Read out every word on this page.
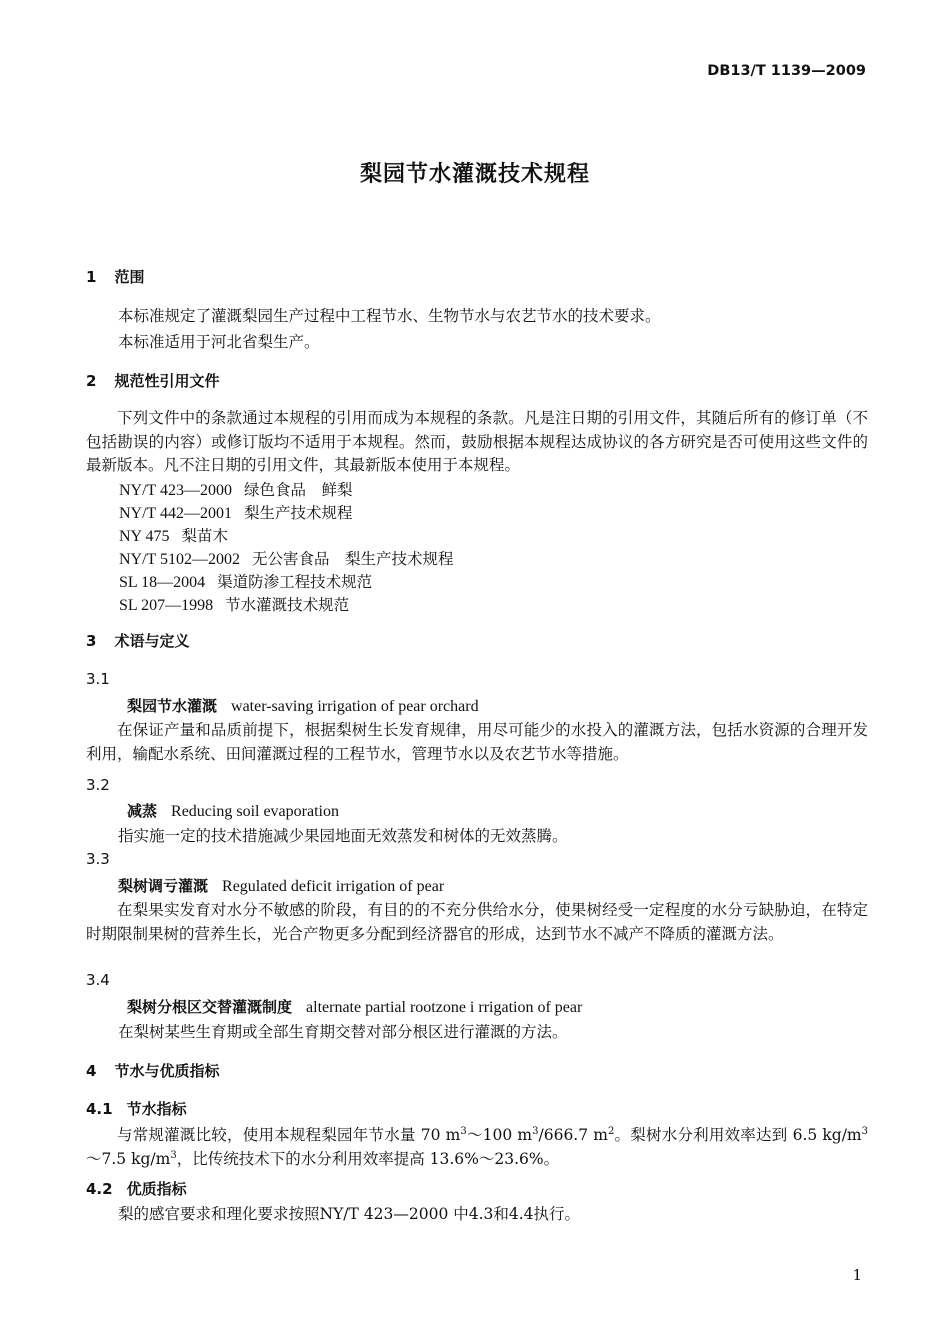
DB13/T 1139—2009
梨园节水灌溉技术规程
1 范围
本标准规定了灌溉梨园生产过程中工程节水、生物节水与农艺节水的技术要求。
本标准适用于河北省梨生产。
2 规范性引用文件
下列文件中的条款通过本规程的引用而成为本规程的条款。凡是注日期的引用文件，其随后所有的修订单（不包括勘误的内容）或修订版均不适用于本规程。然而，鼓励根据本规程达成协议的各方研究是否可使用这些文件的最新版本。凡不注日期的引用文件，其最新版本使用于本规程。
NY/T 423—2000 绿色食品　鲜梨
NY/T 442—2001 梨生产技术规程
NY 475 梨苗木
NY/T 5102—2002 无公害食品　梨生产技术规程
SL 18—2004 渠道防渗工程技术规范
SL 207—1998 节水灌溉技术规范
3 术语与定义
3.1
梨园节水灌溉 water-saving irrigation of pear orchard
在保证产量和品质前提下，根据梨树生长发育规律，用尽可能少的水投入的灌溉方法，包括水资源的合理开发利用，输配水系统、田间灌溉过程的工程节水，管理节水以及农艺节水等措施。
3.2
减蒸 Reducing soil evaporation
指实施一定的技术措施减少果园地面无效蒸发和树体的无效蒸腾。
3.3
梨树调亏灌溉 Regulated deficit irrigation of pear
在梨果实发育对水分不敏感的阶段，有目的的不充分供给水分，使果树经受一定程度的水分亏缺胁迫，在特定时期限制果树的营养生长，光合产物更多分配到经济器官的形成，达到节水不减产不降质的灌溉方法。
3.4
梨树分根区交替灌溉制度 alternate partial rootzone i rrigation of pear
在梨树某些生育期或全部生育期交替对部分根区进行灌溉的方法。
4 节水与优质指标
4.1 节水指标
与常规灌溉比较，使用本规程梨园年节水量 70 $m^3\sim 100$ $m^3/666.7$ $m^2$。梨树水分利用效率达到 6.5 $kg/m^3\sim 7.5$ $kg/m^3$，比传统技术下的水分利用效率提高 13.6%～23.6%。
4.2 优质指标
梨的感官要求和理化要求按照NY/T 423—2000 中4.3和4.4执行。
1
